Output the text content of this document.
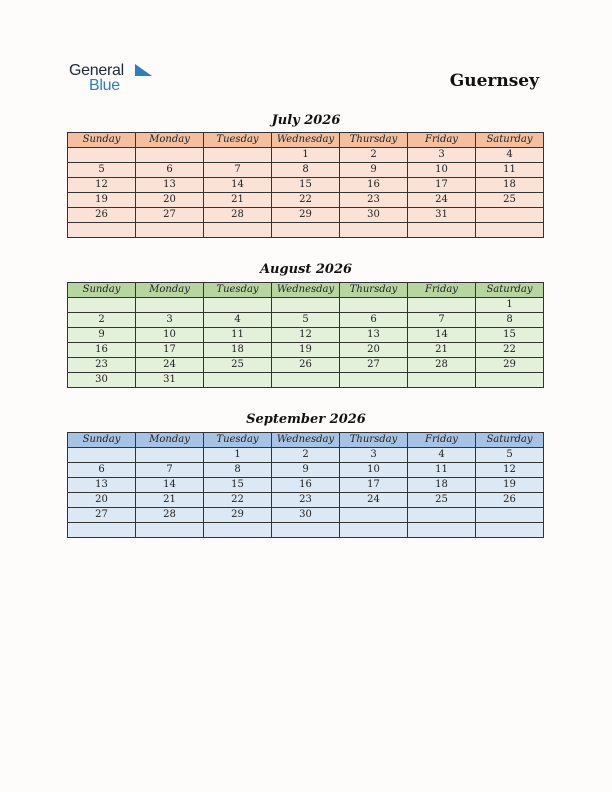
General
Blue	Guernsey
July 2026
Sunday	Monday	Tuesday	Wednesday	Thursday	Friday	Saturday
			1	2	3	4
5	6	7	8	9	10	11
12	13	14	15	16	17	18
19	20	21	22	23	24	25
26	27	28	29	30	31	

August 2026
Sunday	Monday	Tuesday	Wednesday	Thursday	Friday	Saturday
						1
2	3	4	5	6	7	8
9	10	11	12	13	14	15
16	17	18	19	20	21	22
23	24	25	26	27	28	29
30	31					
September 2026
Sunday	Monday	Tuesday	Wednesday	Thursday	Friday	Saturday
		1	2	3	4	5
6	7	8	9	10	11	12
13	14	15	16	17	18	19
20	21	22	23	24	25	26
27	28	29	30			
